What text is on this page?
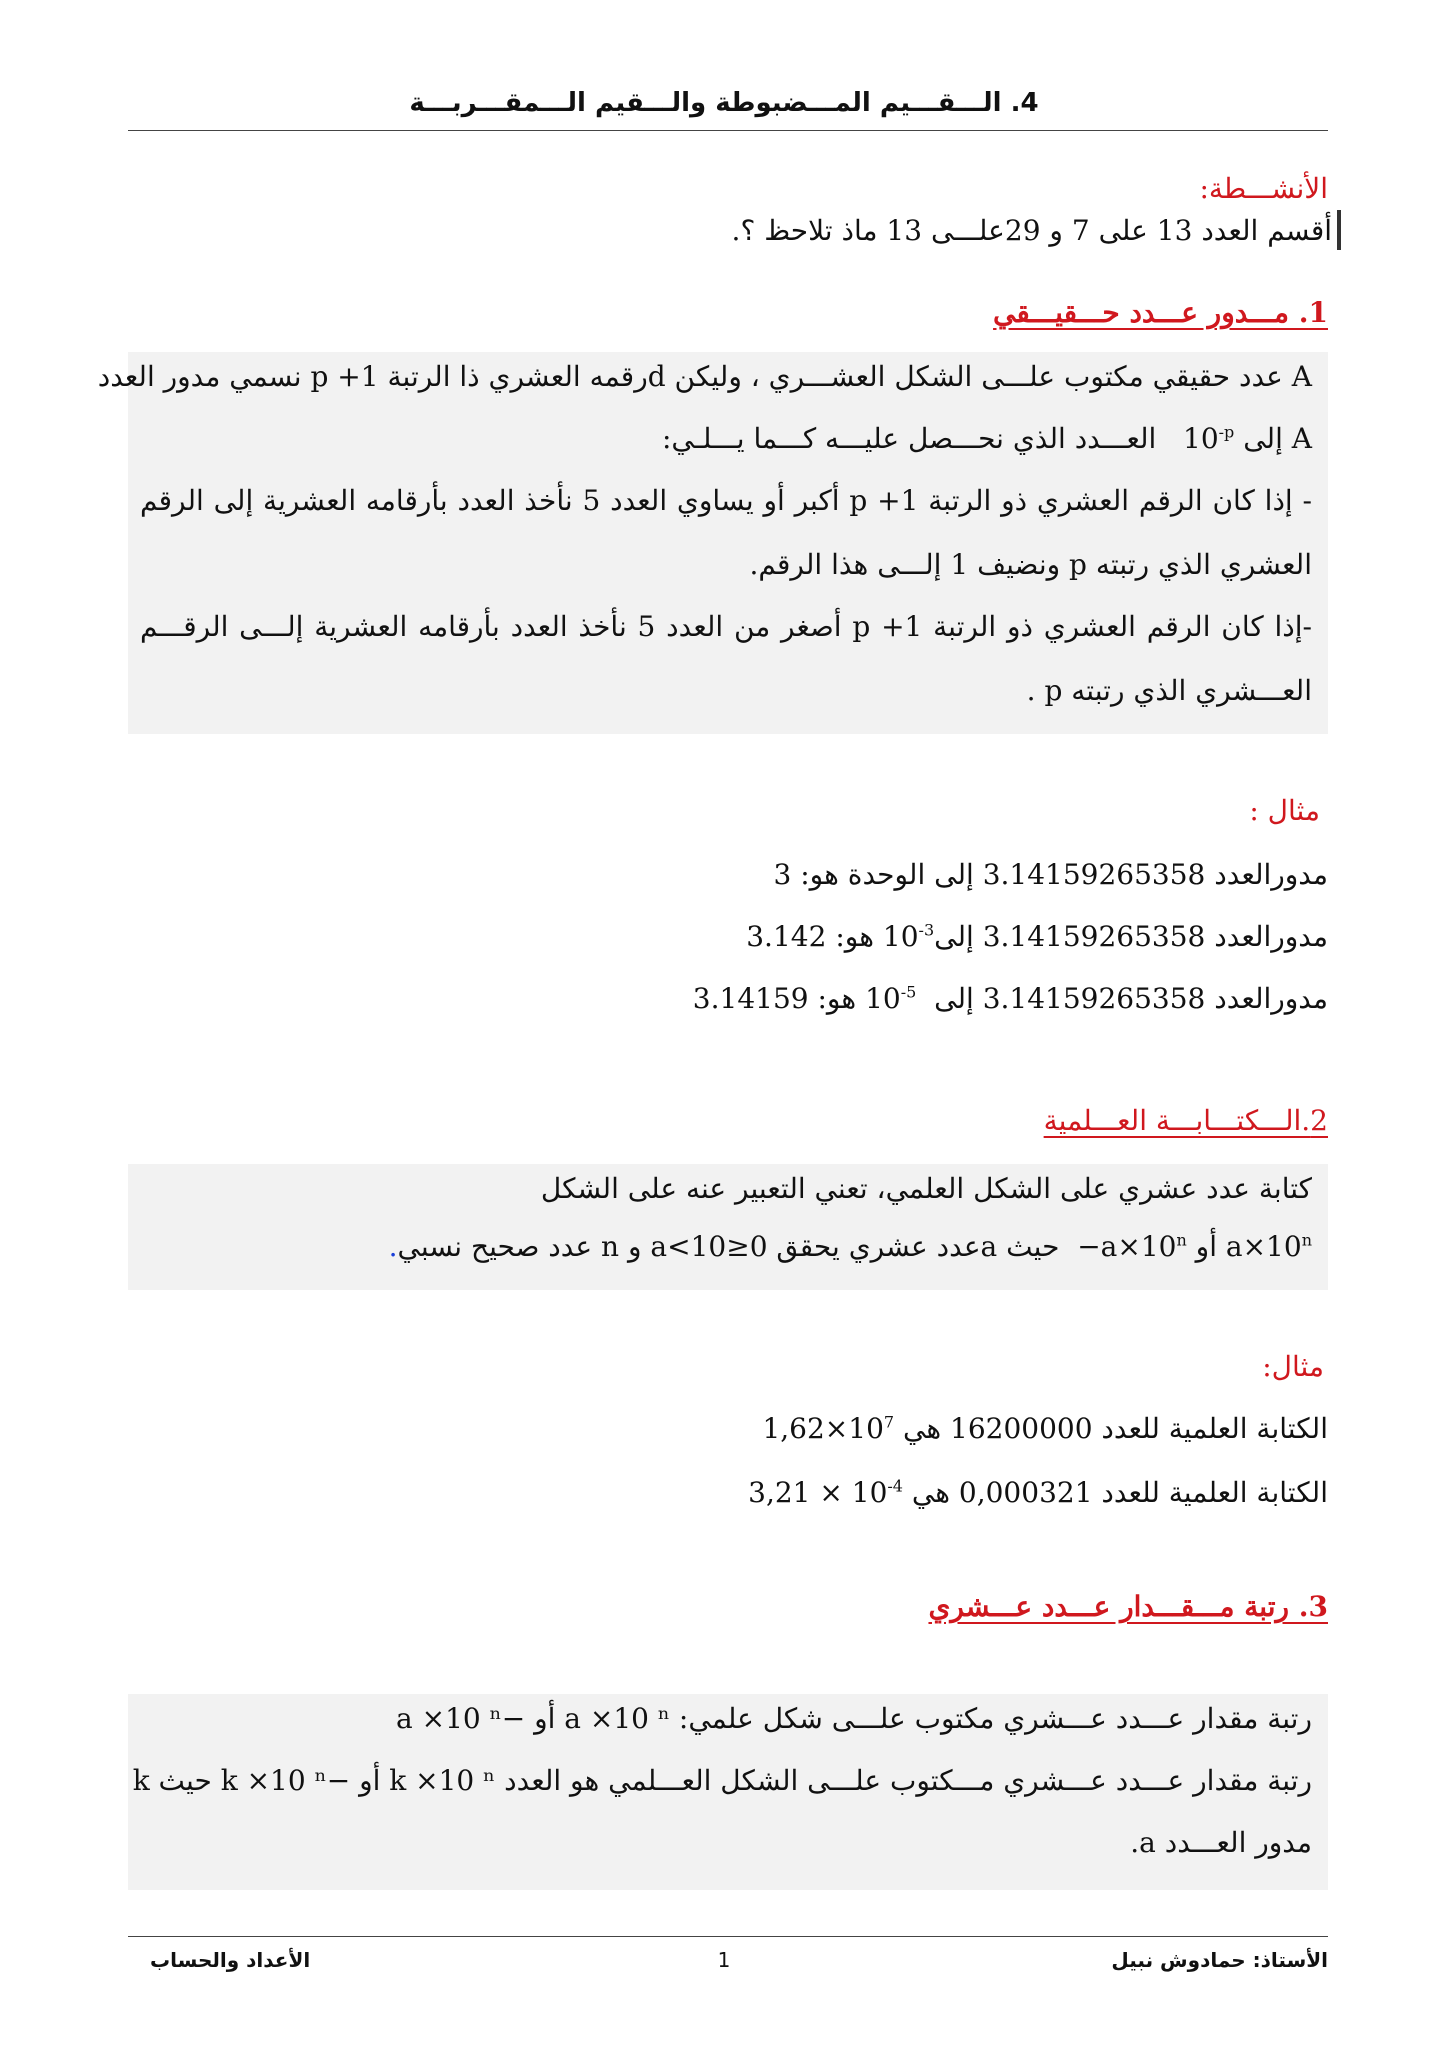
4. الـــقـــيم المـــضبوطة والـــقيم الـــمقـــربـــة
الأنشـــطة:
أقسم العدد 13 على 7 و 29علـــى 13 ماذ تلاحظ ؟.
1. مـــدور عـــدد حـــقيـــقي
A عدد حقيقي مكتوب علـــى الشكل العشـــري ، وليكن dرقمه العشري ذا الرتبة p +1 نسمي مدور العدد
A إلى $10^{-p}$   العـــدد الذي نحـــصل عليـــه كـــما يـــلـي:
- إذا كان الرقم العشري ذو الرتبة p +1 أكبر أو يساوي العدد 5 نأخذ العدد بأرقامه العشرية إلى الرقم
العشري الذي رتبته p ونضيف 1 إلـــى هذا الرقم.
-إذا كان الرقم العشري ذو الرتبة p +1 أصغر من العدد 5 نأخذ العدد بأرقامه العشرية إلـــى الرقـــم
العـــشري الذي رتبته p .
مثال :
مدورالعدد 3.14159265358 إلى الوحدة هو: 3
مدورالعدد 3.14159265358 $إلى10^{-3}$ هو: 3.142
مدورالعدد 3.14159265358 إلى  $10^{-5}$ هو: 3.14159
2.الـــكتـــابـــة العـــلمية
كتابة عدد عشري على الشكل العلمي، تعني التعبير عنه على الشكل
$a\times 10^n$ أو $-a\times 10^n$  حيث aعدد عشري يحقق 0≤a<10 و n عدد صحيح نسبي.
مثال:
الكتابة العلمية للعدد 16200000 هي $1,62\times 10^7$
الكتابة العلمية للعدد 0,000321 هي $3,21 \times 10^{-4}$
3. رتبة مـــقـــدار عـــدد عـــشري
رتبة مقدار عـــدد عـــشري مكتوب علـــى شكل علمي: a ×10 ⁿ أو −a ×10 ⁿ
رتبة مقدار عـــدد عـــشري مـــكتوب علـــى الشكل العـــلمي هو العدد k ×10 ⁿ أو −k ×10 ⁿ حيث k
مدور العـــدد a.
الأستاذ: حمادوش نبيل
1
الأعداد والحساب
